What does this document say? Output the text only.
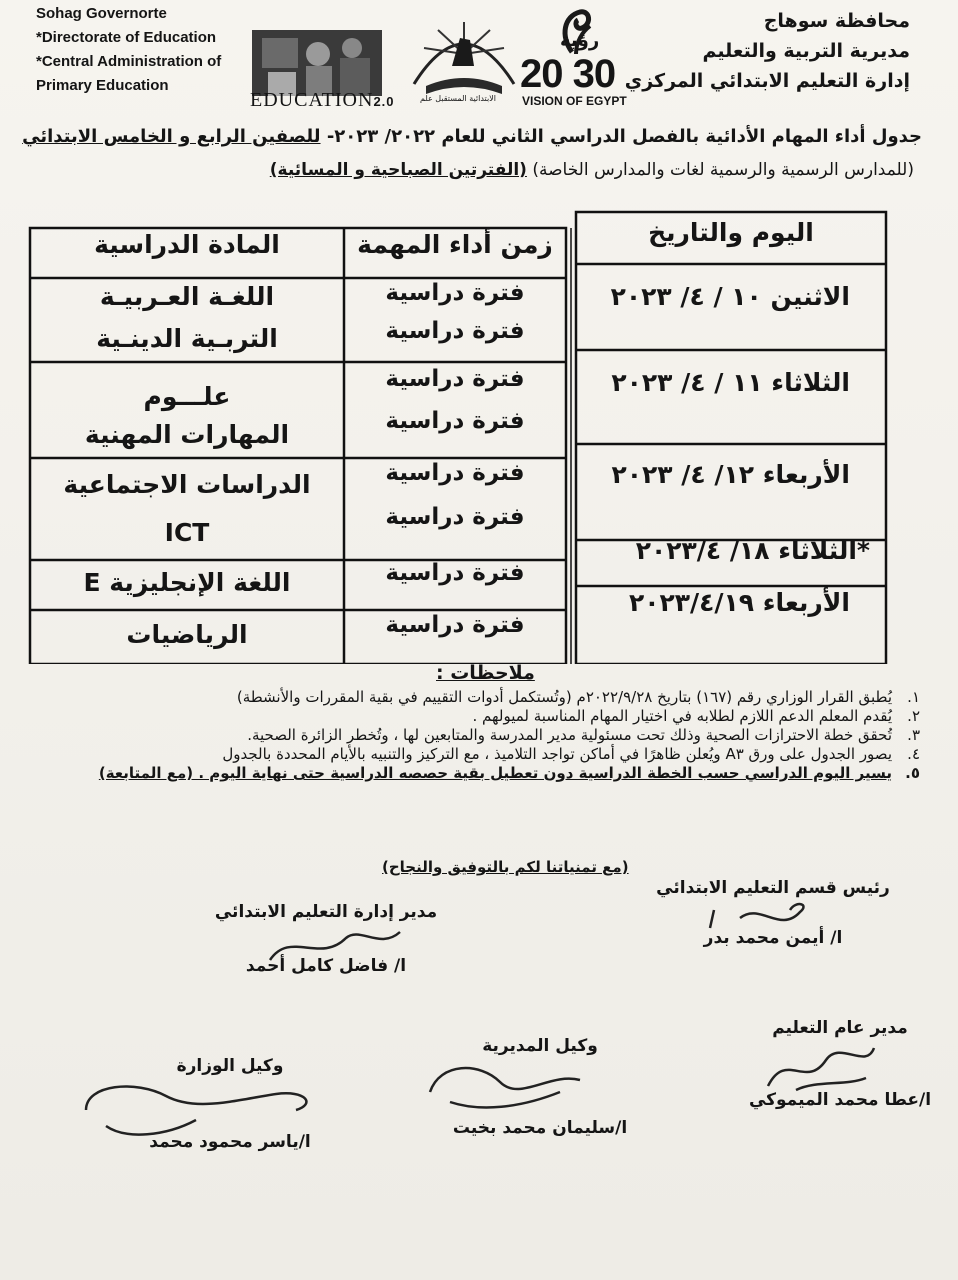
Sohag Governorte
*Directorate of Education
*Central Administration of
Primary Education
EDUCATION2.0	الابتدائية المستقبل علم
رؤية
20 30
VISION OF EGYPT
محافظة سوهاج
مديرية التربية والتعليم
إدارة التعليم الابتدائي المركزي
جدول أداء المهام الأدائية بالفصل الدراسي الثاني للعام ٢٠٢٢/ ٢٠٢٣- للصفين الرابع و الخامس الابتدائي
(للمدارس الرسمية والرسمية لغات والمدارس الخاصة) (الفترتين الصباحية و المسائية)
اليوم والتاريخ
زمن أداء المهمة
المادة الدراسية
الاثنين ١٠ / ٤/ ٢٠٢٣
الثلاثاء ١١ / ٤/ ٢٠٢٣
الأربعاء ١٢/ ٤/ ٢٠٢٣
*الثلاثاء ١٨/ ٢٠٢٣/٤
الأربعاء ٢٠٢٣/٤/١٩
فترة دراسية
فترة دراسية
فترة دراسية
فترة دراسية
فترة دراسية
فترة دراسية
فترة دراسية
فترة دراسية
اللغـة العـربيـة
التربـية الدينـية
علـــوم
المهارات المهنية
الدراسات الاجتماعية
ICT
اللغة الإنجليزية E
الرياضيات
ملاحظات :
١.يُطبق القرار الوزاري رقم (١٦٧) بتاريخ ٢٠٢٢/٩/٢٨م (وتُستكمل أدوات التقييم في بقية المقررات والأنشطة)
٢.يُقدم المعلم الدعم اللازم لطلابه في اختيار المهام المناسبة لميولهم .
٣.تُحقق خطة الاحترازات الصحية وذلك تحت مسئولية مدير المدرسة والمتابعين لها ، وتُخطر الزائرة الصحية.
٤.يصور الجدول على ورق A٣ ويُعلن ظاهرًا في أماكن تواجد التلاميذ ، مع التركيز والتنبيه بالأيام المحددة بالجدول
٥.يسير اليوم الدراسي حسب الخطة الدراسية دون تعطيل بقية حصصه الدراسية حتى نهاية اليوم . (مع المتابعة)
(مع تمنياتنا لكم بالتوفيق والنجاح)
رئيس قسم التعليم الابتدائي
ا/ أيمن محمد بدر
مدير إدارة التعليم الابتدائي
ا/ فاضل كامل أحمد
مدير عام التعليم
ا/عطا محمد الميموكي
وكيل المديرية
ا/سليمان محمد بخيت
وكيل الوزارة
ا/ياسر محمود محمد
